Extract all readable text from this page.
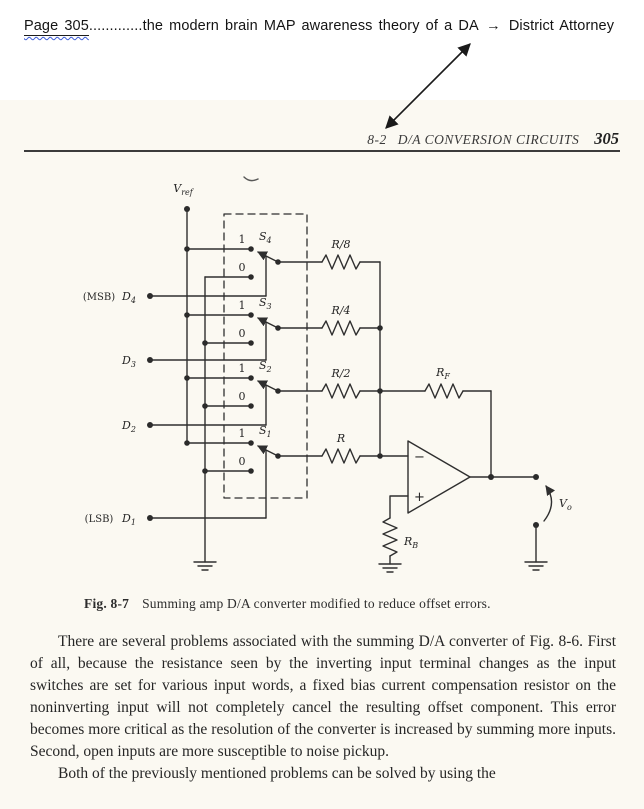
Page 305.............the modern brain MAP awareness theory of a DA → District Attorney
8-2 D/A CONVERSION CIRCUITS 305
$V_{ref}$
1
0
$S_4$	R/8
1
0
$S_3$	R/4
1
0
$S_2$	R/2
1
0
$S_1$	R
(MSB) $D_4$
$D_3$
$D_2$
(LSB) $D_1$
$R_F$
−
+
$R_B$
$V_o$
Fig. 8-7 Summing amp D/A converter modified to reduce offset errors.

There are several problems associated with the summing D/A converter of Fig. 8-6. First of all, because the resistance seen by the inverting input terminal changes as the input switches are set for various input words, a fixed bias current compensation resistor on the noninverting input will not completely cancel the resulting offset component. This error becomes more critical as the resolution of the converter is increased by summing more inputs. Second, open inputs are more susceptible to noise pickup.

Both of the previously mentioned problems can be solved by using the
